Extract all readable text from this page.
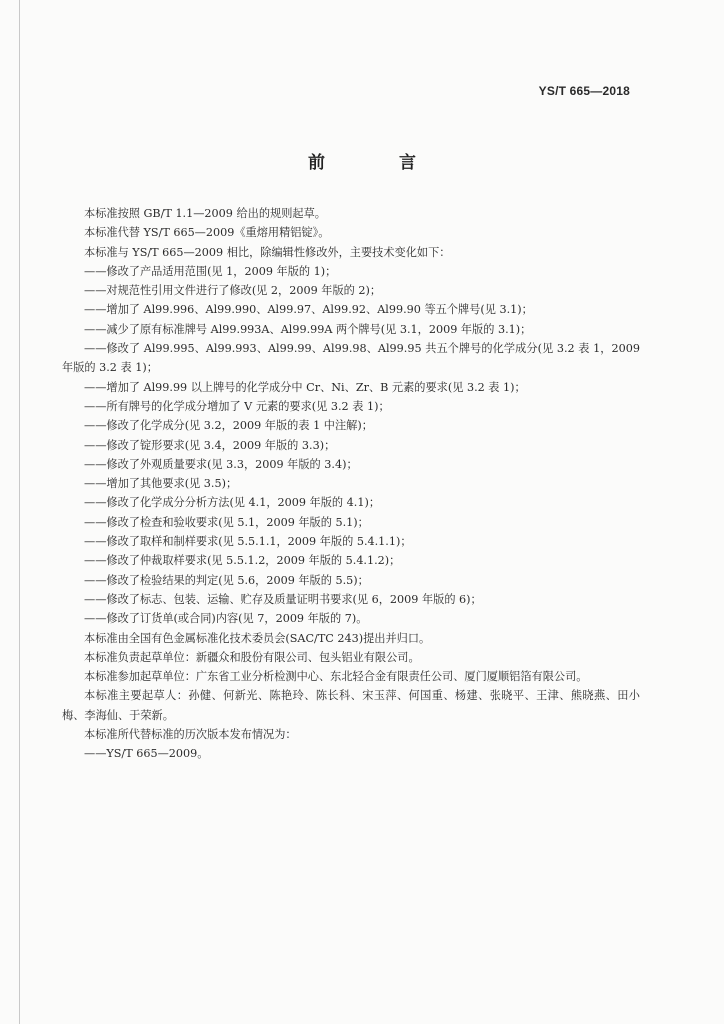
YS/T 665—2018
前 言

本标准按照 GB/T 1.1—2009 给出的规则起草。

本标准代替 YS/T 665—2009《重熔用精铝锭》。

本标准与 YS/T 665—2009 相比，除编辑性修改外，主要技术变化如下：

——修改了产品适用范围(见 1，2009 年版的 1)；

——对规范性引用文件进行了修改(见 2，2009 年版的 2)；

——增加了 Al99.996、Al99.990、Al99.97、Al99.92、Al99.90 等五个牌号(见 3.1)；

——减少了原有标准牌号 Al99.993A、Al99.99A 两个牌号(见 3.1，2009 年版的 3.1)；

——修改了 Al99.995、Al99.993、Al99.99、Al99.98、Al99.95 共五个牌号的化学成分(见 3.2 表 1，2009 年版的 3.2 表 1)；

——增加了 Al99.99 以上牌号的化学成分中 Cr、Ni、Zr、B 元素的要求(见 3.2 表 1)；

——所有牌号的化学成分增加了 V 元素的要求(见 3.2 表 1)；

——修改了化学成分(见 3.2，2009 年版的表 1 中注解)；

——修改了锭形要求(见 3.4，2009 年版的 3.3)；

——修改了外观质量要求(见 3.3，2009 年版的 3.4)；

——增加了其他要求(见 3.5)；

——修改了化学成分分析方法(见 4.1，2009 年版的 4.1)；

——修改了检查和验收要求(见 5.1，2009 年版的 5.1)；

——修改了取样和制样要求(见 5.5.1.1，2009 年版的 5.4.1.1)；

——修改了仲裁取样要求(见 5.5.1.2，2009 年版的 5.4.1.2)；

——修改了检验结果的判定(见 5.6，2009 年版的 5.5)；

——修改了标志、包装、运输、贮存及质量证明书要求(见 6，2009 年版的 6)；

——修改了订货单(或合同)内容(见 7，2009 年版的 7)。

本标准由全国有色金属标准化技术委员会(SAC/TC 243)提出并归口。

本标准负责起草单位：新疆众和股份有限公司、包头铝业有限公司。

本标准参加起草单位：广东省工业分析检测中心、东北轻合金有限责任公司、厦门厦顺铝箔有限公司。

本标准主要起草人：孙健、何新光、陈艳玲、陈长科、宋玉萍、何国重、杨建、张晓平、王津、熊晓燕、田小梅、李海仙、于荣新。

本标准所代替标准的历次版本发布情况为：

——YS/T 665—2009。
